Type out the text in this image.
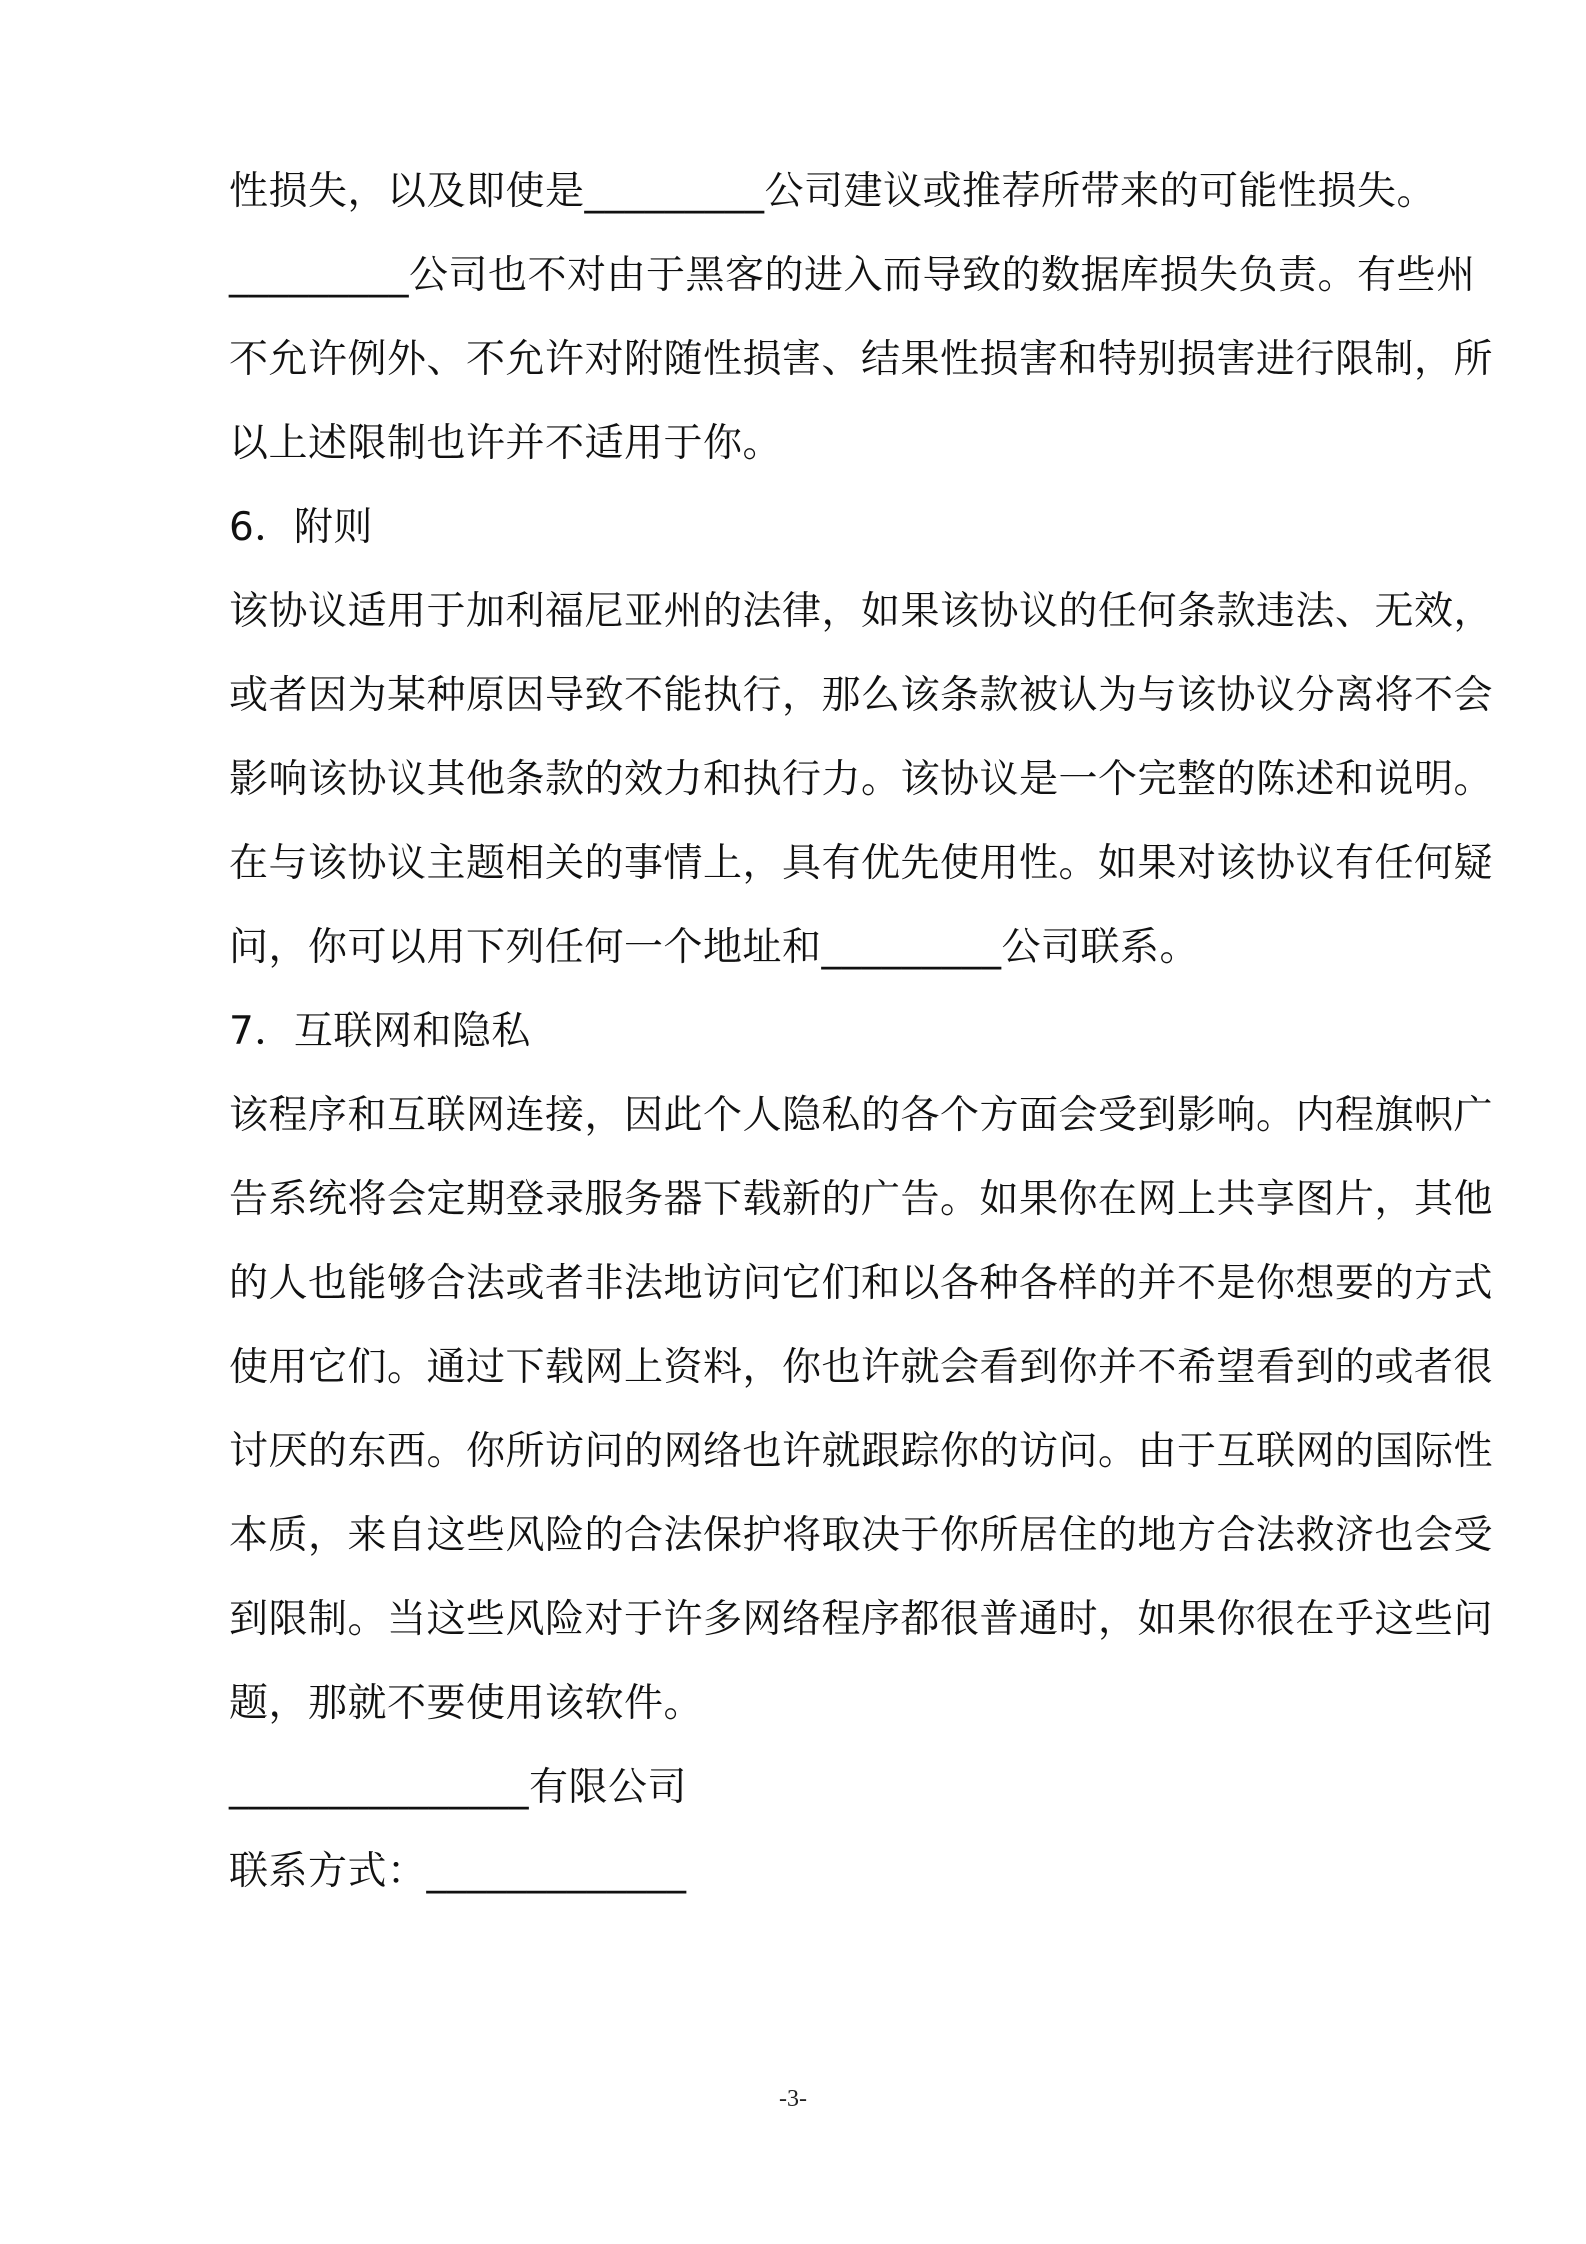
性损失，以及即使是_________公司建议或推荐所带来的可能性损失。
_________公司也不对由于黑客的进入而导致的数据库损失负责。有些州
不允许例外、不允许对附随性损害、结果性损害和特别损害进行限制，所
以上述限制也许并不适用于你。
6．附则
该协议适用于加利福尼亚州的法律，如果该协议的任何条款违法、无效，
或者因为某种原因导致不能执行，那么该条款被认为与该协议分离将不会
影响该协议其他条款的效力和执行力。该协议是一个完整的陈述和说明。
在与该协议主题相关的事情上，具有优先使用性。如果对该协议有任何疑
问，你可以用下列任何一个地址和_________公司联系。
7．互联网和隐私
该程序和互联网连接，因此个人隐私的各个方面会受到影响。内程旗帜广
告系统将会定期登录服务器下载新的广告。如果你在网上共享图片，其他
的人也能够合法或者非法地访问它们和以各种各样的并不是你想要的方式
使用它们。通过下载网上资料，你也许就会看到你并不希望看到的或者很
讨厌的东西。你所访问的网络也许就跟踪你的访问。由于互联网的国际性
本质，来自这些风险的合法保护将取决于你所居住的地方合法救济也会受
到限制。当这些风险对于许多网络程序都很普通时，如果你很在乎这些问
题，那就不要使用该软件。
_______________有限公司
联系方式：_____________
-3-
